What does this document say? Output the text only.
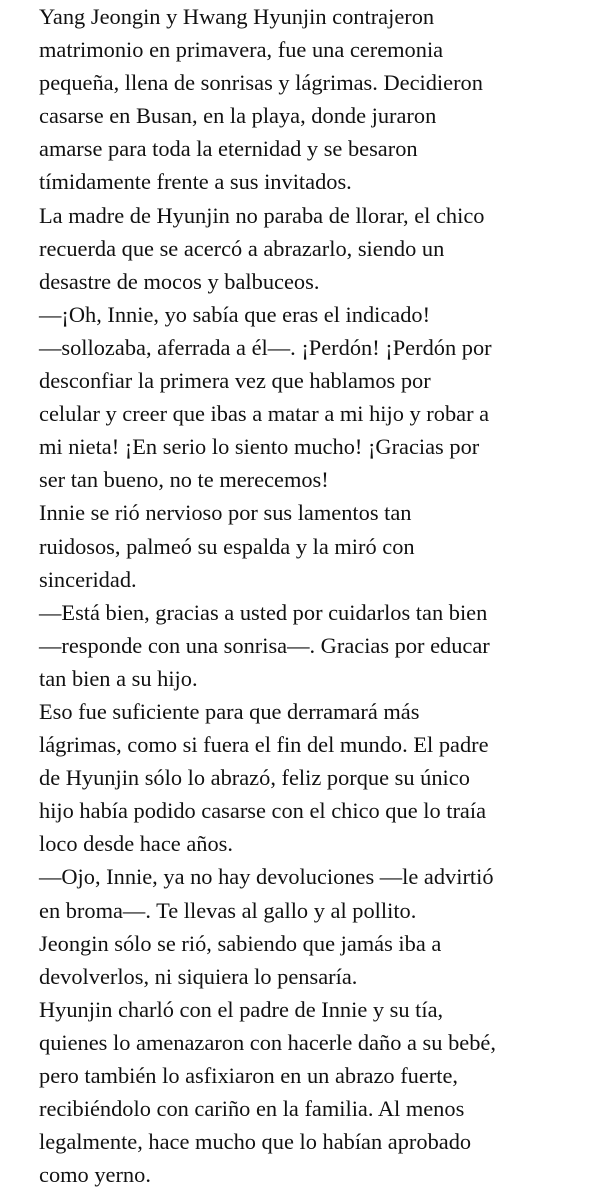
Yang Jeongin y Hwang Hyunjin contrajeron

matrimonio en primavera, fue una ceremonia

pequeña, llena de sonrisas y lágrimas. Decidieron

casarse en Busan, en la playa, donde juraron

amarse para toda la eternidad y se besaron

tímidamente frente a sus invitados.

La madre de Hyunjin no paraba de llorar, el chico

recuerda que se acercó a abrazarlo, siendo un

desastre de mocos y balbuceos.

—¡Oh, Innie, yo sabía que eras el indicado!

—sollozaba, aferrada a él—. ¡Perdón! ¡Perdón por

desconfiar la primera vez que hablamos por

celular y creer que ibas a matar a mi hijo y robar a

mi nieta! ¡En serio lo siento mucho! ¡Gracias por

ser tan bueno, no te merecemos!

Innie se rió nervioso por sus lamentos tan

ruidosos, palmeó su espalda y la miró con

sinceridad.

—Está bien, gracias a usted por cuidarlos tan bien

—responde con una sonrisa—. Gracias por educar

tan bien a su hijo.

Eso fue suficiente para que derramará más

lágrimas, como si fuera el fin del mundo. El padre

de Hyunjin sólo lo abrazó, feliz porque su único

hijo había podido casarse con el chico que lo traía

loco desde hace años.

—Ojo, Innie, ya no hay devoluciones —le advirtió

en broma—. Te llevas al gallo y al pollito.

Jeongin sólo se rió, sabiendo que jamás iba a

devolverlos, ni siquiera lo pensaría.

Hyunjin charló con el padre de Innie y su tía,

quienes lo amenazaron con hacerle daño a su bebé,

pero también lo asfixiaron en un abrazo fuerte,

recibiéndolo con cariño en la familia. Al menos

legalmente, hace mucho que lo habían aprobado

como yerno.
